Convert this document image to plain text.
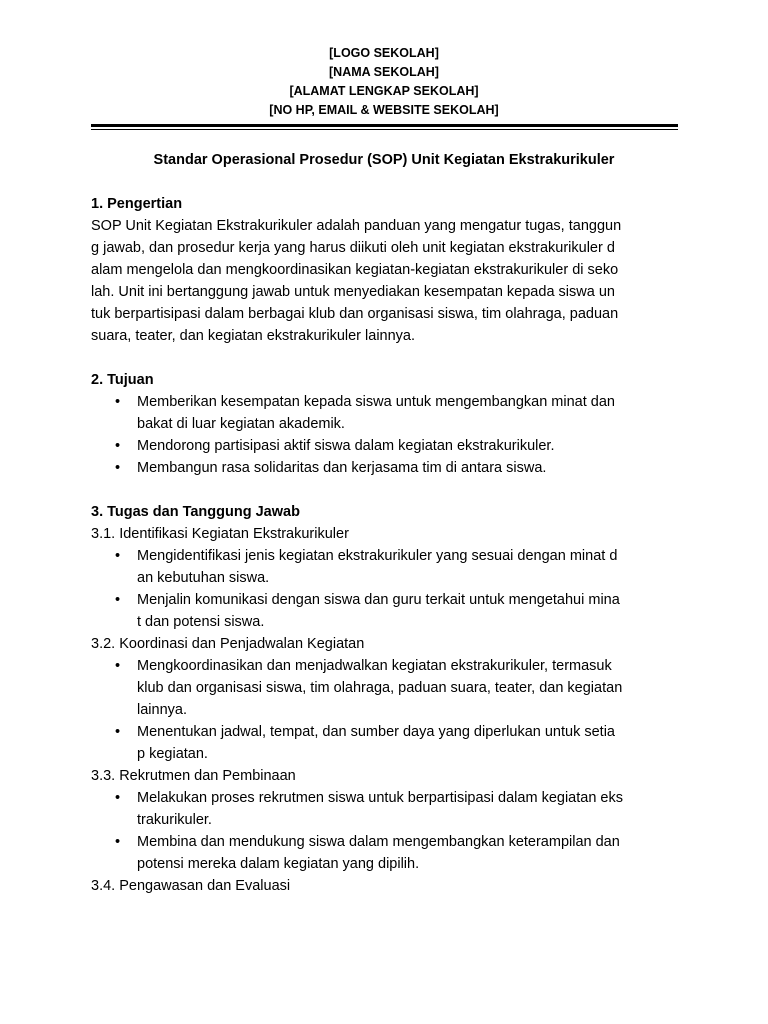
[LOGO SEKOLAH]
[NAMA SEKOLAH]
[ALAMAT LENGKAP SEKOLAH]
[NO HP, EMAIL & WEBSITE SEKOLAH]
Standar Operasional Prosedur (SOP) Unit Kegiatan Ekstrakurikuler
1. Pengertian
SOP Unit Kegiatan Ekstrakurikuler adalah panduan yang mengatur tugas, tanggun
g jawab, dan prosedur kerja yang harus diikuti oleh unit kegiatan ekstrakurikuler d
alam mengelola dan mengkoordinasikan kegiatan-kegiatan ekstrakurikuler di seko
lah. Unit ini bertanggung jawab untuk menyediakan kesempatan kepada siswa un
tuk berpartisipasi dalam berbagai klub dan organisasi siswa, tim olahraga, paduan
suara, teater, dan kegiatan ekstrakurikuler lainnya.
2. Tujuan
• Memberikan kesempatan kepada siswa untuk mengembangkan minat dan
bakat di luar kegiatan akademik.
• Mendorong partisipasi aktif siswa dalam kegiatan ekstrakurikuler.
• Membangun rasa solidaritas dan kerjasama tim di antara siswa.
3. Tugas dan Tanggung Jawab
3.1. Identifikasi Kegiatan Ekstrakurikuler
• Mengidentifikasi jenis kegiatan ekstrakurikuler yang sesuai dengan minat d
an kebutuhan siswa.
• Menjalin komunikasi dengan siswa dan guru terkait untuk mengetahui mina
t dan potensi siswa.
3.2. Koordinasi dan Penjadwalan Kegiatan
• Mengkoordinasikan dan menjadwalkan kegiatan ekstrakurikuler, termasuk
klub dan organisasi siswa, tim olahraga, paduan suara, teater, dan kegiatan
lainnya.
• Menentukan jadwal, tempat, dan sumber daya yang diperlukan untuk setia
p kegiatan.
3.3. Rekrutmen dan Pembinaan
• Melakukan proses rekrutmen siswa untuk berpartisipasi dalam kegiatan eks
trakurikuler.
• Membina dan mendukung siswa dalam mengembangkan keterampilan dan
potensi mereka dalam kegiatan yang dipilih.
3.4. Pengawasan dan Evaluasi
